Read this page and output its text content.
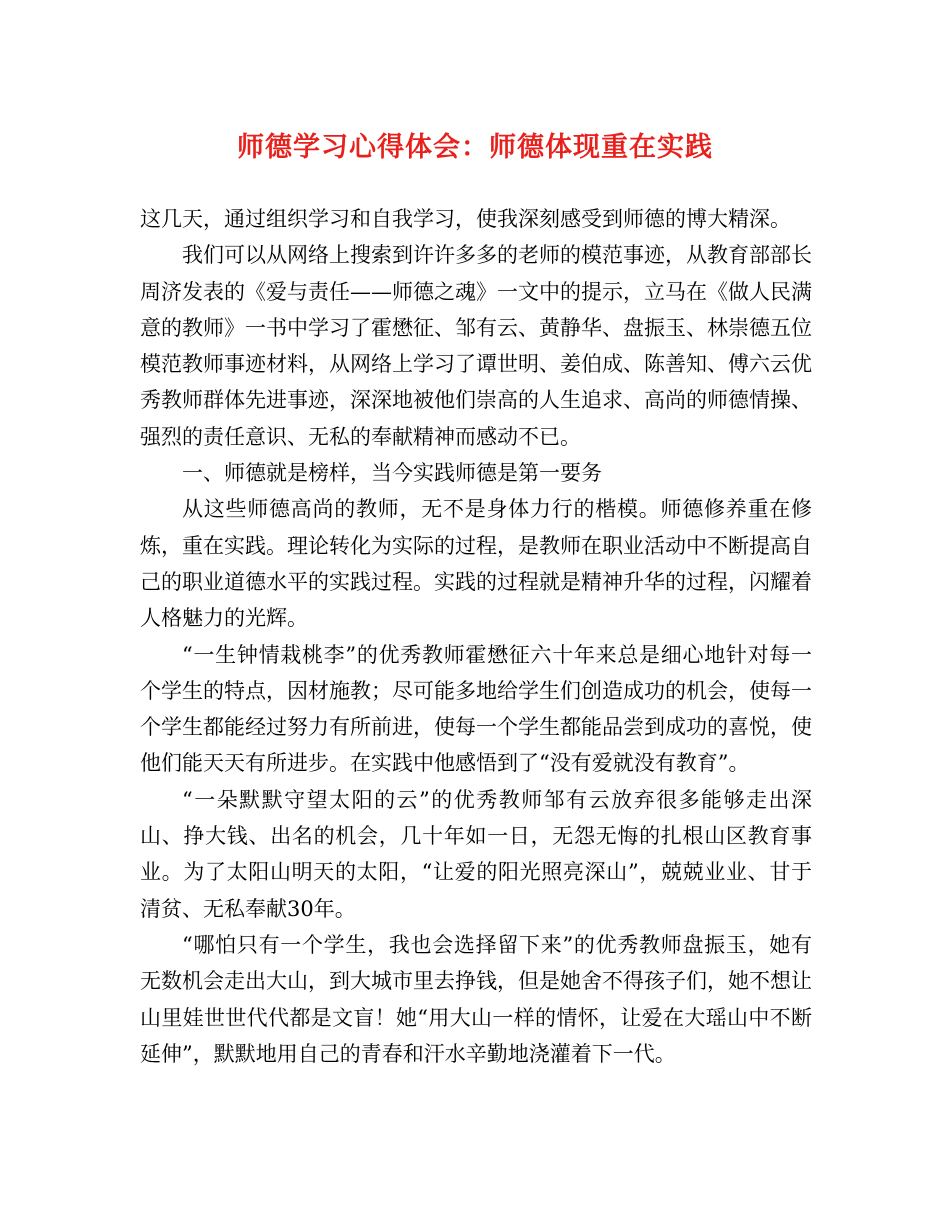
师德学习心得体会：师德体现重在实践

这几天，通过组织学习和自我学习，使我深刻感受到师德的博大精深。

我们可以从网络上搜索到许许多多的老师的模范事迹，从教育部部长周济发表的《爱与责任——师德之魂》一文中的提示，立马在《做人民满意的教师》一书中学习了霍懋征、邹有云、黄静华、盘振玉、林崇德五位模范教师事迹材料，从网络上学习了谭世明、姜伯成、陈善知、傅六云优秀教师群体先进事迹，深深地被他们崇高的人生追求、高尚的师德情操、强烈的责任意识、无私的奉献精神而感动不已。

一、师德就是榜样，当今实践师德是第一要务

从这些师德高尚的教师，无不是身体力行的楷模。师德修养重在修炼，重在实践。理论转化为实际的过程，是教师在职业活动中不断提高自己的职业道德水平的实践过程。实践的过程就是精神升华的过程，闪耀着人格魅力的光辉。

“一生钟情栽桃李”的优秀教师霍懋征六十年来总是细心地针对每一个学生的特点，因材施教；尽可能多地给学生们创造成功的机会，使每一个学生都能经过努力有所前进，使每一个学生都能品尝到成功的喜悦，使他们能天天有所进步。在实践中他感悟到了“没有爱就没有教育”。

“一朵默默守望太阳的云”的优秀教师邹有云放弃很多能够走出深山、挣大钱、出名的机会，几十年如一日，无怨无悔的扎根山区教育事业。为了太阳山明天的太阳，“让爱的阳光照亮深山”，兢兢业业、甘于清贫、无私奉献30年。

“哪怕只有一个学生，我也会选择留下来”的优秀教师盘振玉，她有无数机会走出大山，到大城市里去挣钱，但是她舍不得孩子们，她不想让山里娃世世代代都是文盲！她“用大山一样的情怀，让爱在大瑶山中不断延伸”，默默地用自己的青春和汗水辛勤地浇灌着下一代。
